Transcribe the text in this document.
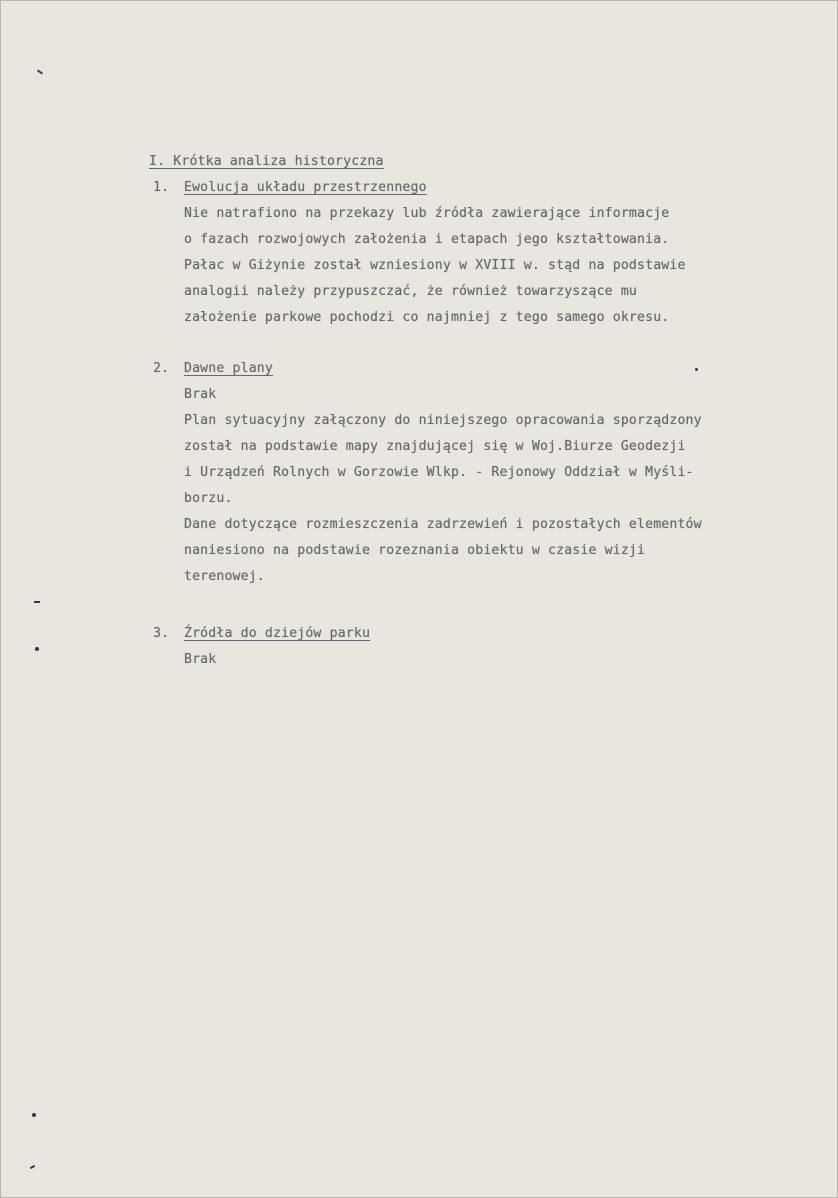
I. Krótka analiza historyczna
1. Ewolucja układu przestrzennego
Nie natrafiono na przekazy lub źródła zawierające informacje
o fazach rozwojowych założenia i etapach jego kształtowania.
Pałac w Giżynie został wzniesiony w XVIII w. stąd na podstawie
analogii należy przypuszczać, że również towarzyszące mu
założenie parkowe pochodzi co najmniej z tego samego okresu.
2. Dawne plany
Brak
Plan sytuacyjny załączony do niniejszego opracowania sporządzony
został na podstawie mapy znajdującej się w Woj.Biurze Geodezji
i Urządzeń Rolnych w Gorzowie Wlkp. - Rejonowy Oddział w Myśli-
borzu.
Dane dotyczące rozmieszczenia zadrzewień i pozostałych elementów
naniesiono na podstawie rozeznania obiektu w czasie wizji
terenowej.
3. Źródła do dziejów parku
Brak
